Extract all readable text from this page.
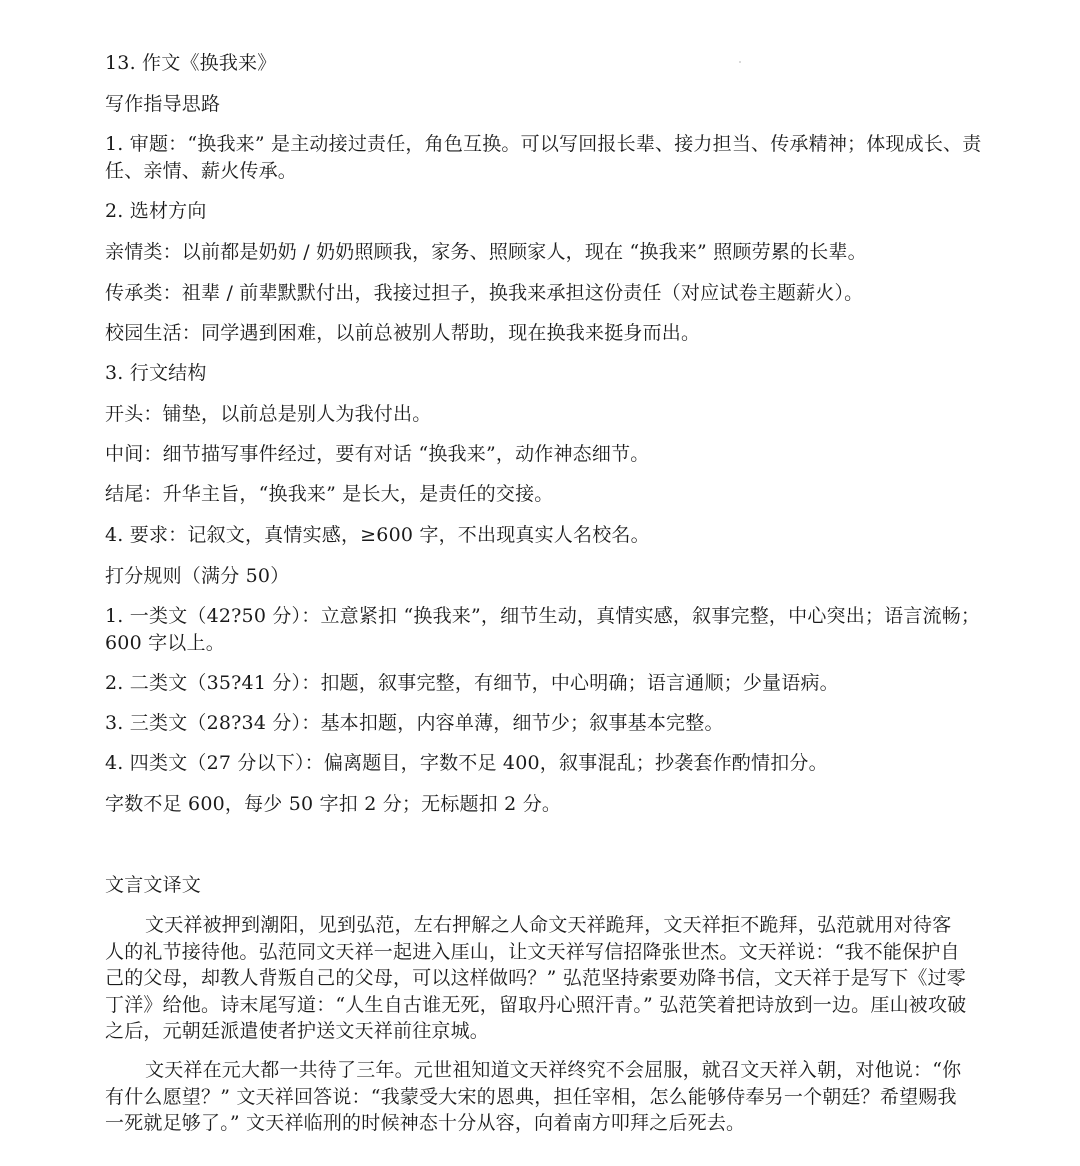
13. 作文《换我来》
写作指导思路
1. 审题：“换我来” 是主动接过责任，角色互换。可以写回报长辈、接力担当、传承精神；体现成长、责任、亲情、薪火传承。
2. 选材方向
亲情类：以前都是奶奶 / 奶奶照顾我，家务、照顾家人，现在 “换我来” 照顾劳累的长辈。
传承类：祖辈 / 前辈默默付出，我接过担子，换我来承担这份责任（对应试卷主题薪火）。
校园生活：同学遇到困难，以前总被别人帮助，现在换我来挺身而出。
3. 行文结构
开头：铺垫，以前总是别人为我付出。
中间：细节描写事件经过，要有对话 “换我来”，动作神态细节。
结尾：升华主旨，“换我来” 是长大，是责任的交接。
4. 要求：记叙文，真情实感，≥600 字，不出现真实人名校名。
打分规则（满分 50）
1. 一类文（42?50 分）：立意紧扣 “换我来”，细节生动，真情实感，叙事完整，中心突出；语言流畅；600 字以上。
2. 二类文（35?41 分）：扣题，叙事完整，有细节，中心明确；语言通顺；少量语病。
3. 三类文（28?34 分）：基本扣题，内容单薄，细节少；叙事基本完整。
4. 四类文（27 分以下）：偏离题目，字数不足 400，叙事混乱；抄袭套作酌情扣分。
字数不足 600，每少 50 字扣 2 分；无标题扣 2 分。
文言文译文
文天祥被押到潮阳，见到弘范，左右押解之人命文天祥跪拜，文天祥拒不跪拜，弘范就用对待客人的礼节接待他。弘范同文天祥一起进入厓山，让文天祥写信招降张世杰。文天祥说：“我不能保护自己的父母，却教人背叛自己的父母，可以这样做吗？” 弘范坚持索要劝降书信，文天祥于是写下《过零丁洋》给他。诗末尾写道：“人生自古谁无死，留取丹心照汗青。” 弘范笑着把诗放到一边。厓山被攻破之后，元朝廷派遣使者护送文天祥前往京城。
文天祥在元大都一共待了三年。元世祖知道文天祥终究不会屈服，就召文天祥入朝，对他说：“你有什么愿望？” 文天祥回答说：“我蒙受大宋的恩典，担任宰相，怎么能够侍奉另一个朝廷？希望赐我一死就足够了。” 文天祥临刑的时候神态十分从容，向着南方叩拜之后死去。
